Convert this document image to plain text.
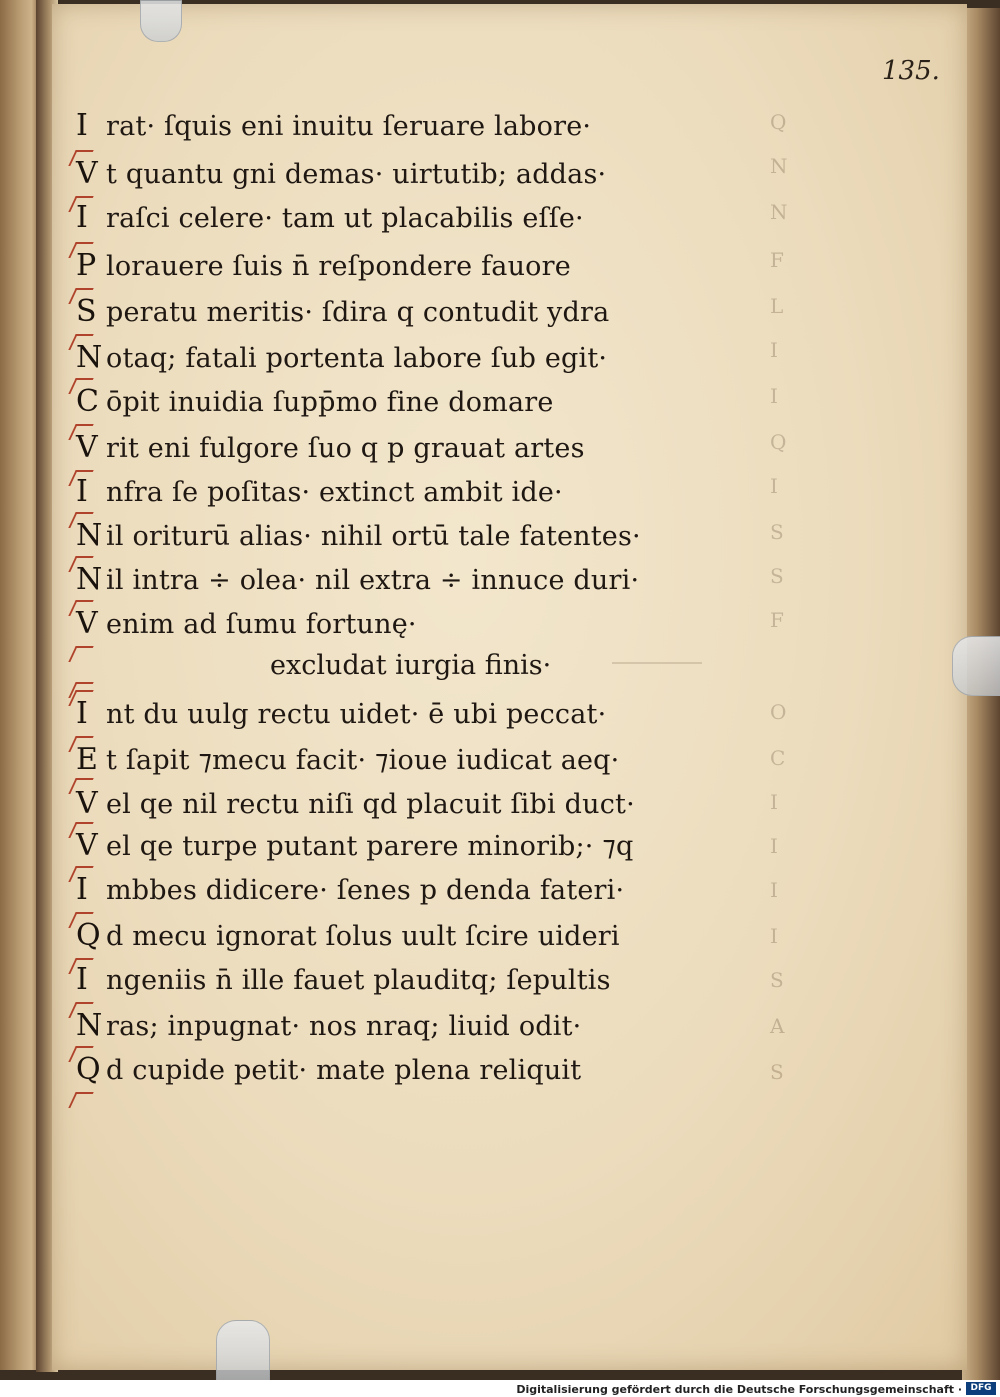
Q
N
N
F
L
I
I
Q
I
S
S
F
O
C
I
I
I
I
S
A
S
135.
I rat· ſquis eni inuitu ſeruare labore·
V t quantu gni demas· uirtutib; addas·
I raſci celere· tam ut placabilis eſſe·
P lorauere ſuis n̄ reſpondere fauore
S peratu meritis· ſdira q contudit ydra
N otaq; fatali portenta labore ſub egit·
C ōpit inuidia ſupp̄mo fine domare
V rit eni fulgore ſuo q p grauat artes
I nfra ſe poſitas· extinct ambit ide·
N il oriturū alias· nihil ortū tale fatentes·
N il intra ÷ olea· nil extra ÷ innuce duri·
V enim ad ſumu fortunę·
I nt du uulg rectu uidet· ē ubi peccat·
E t ſapit ⁊mecu facit· ⁊ioue iudicat aeq·
V el qe nil rectu niſi qd placuit ſibi duct·
V el qe turpe putant parere minorib;· ⁊q
I mbbes didicere· ſenes p denda fateri·
Q d mecu ignorat ſolus uult ſcire uideri
I ngeniis n̄ ille fauet plauditq; ſepultis
N ras; inpugnat· nos nraq; liuid odit·
Q d cupide petit· mate plena reliquit
excludat iurgia finis·
Digitalisierung gefördert durch die Deutsche Forschungsgemeinschaft · DFG
